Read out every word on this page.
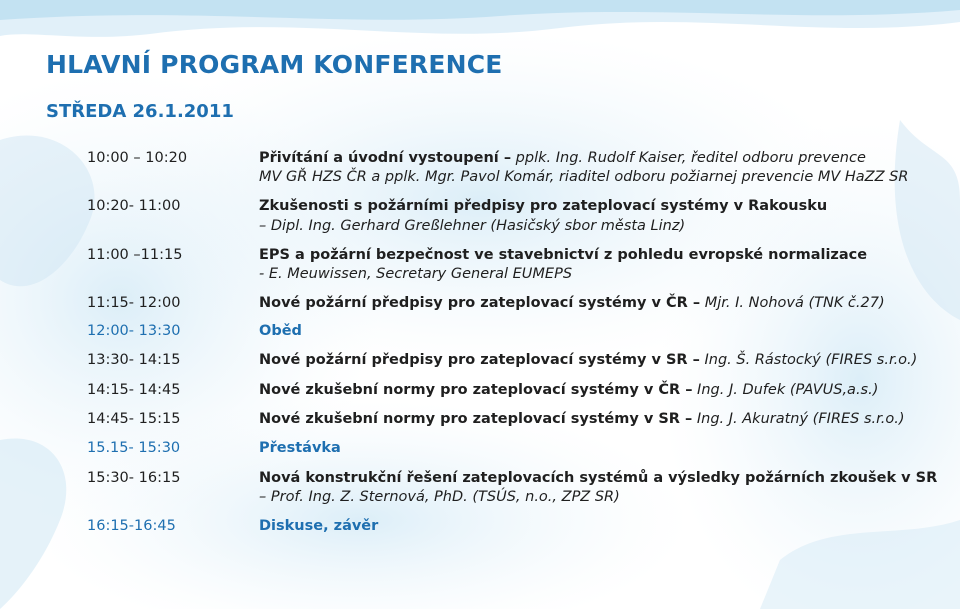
HLAVNÍ PROGRAM KONFERENCE
STŘEDA 26.1.2011
10:00 – 10:20	Přivítání a úvodní vystoupení – pplk. Ing. Rudolf Kaiser, ředitel odboru prevence
MV GŘ HZS ČR a pplk. Mgr. Pavol Komár, riaditel odboru požiarnej prevencie MV HaZZ SR
10:20- 11:00	Zkušenosti s požárními předpisy pro zateplovací systémy v Rakousku
– Dipl. Ing. Gerhard Greßlehner (Hasičský sbor města Linz)
11:00 –11:15	EPS a požární bezpečnost ve stavebnictví z pohledu evropské normalizace
- E. Meuwissen, Secretary General EUMEPS
11:15- 12:00	Nové požární předpisy pro zateplovací systémy v ČR – Mjr. I. Nohová (TNK č.27)
12:00- 13:30	Oběd
13:30- 14:15	Nové požární předpisy pro zateplovací systémy v SR – Ing. Š. Rástocký (FIRES s.r.o.)
14:15- 14:45	Nové zkušební normy pro zateplovací systémy v ČR – Ing. J. Dufek (PAVUS,a.s.)
14:45- 15:15	Nové zkušební normy pro zateplovací systémy v SR – Ing. J. Akuratný (FIRES s.r.o.)
15.15- 15:30	Přestávka
15:30- 16:15	Nová konstrukční řešení zateplovacích systémů a výsledky požárních zkoušek v SR
– Prof. Ing. Z. Sternová, PhD. (TSÚS, n.o., ZPZ SR)
16:15-16:45	Diskuse, závěr
